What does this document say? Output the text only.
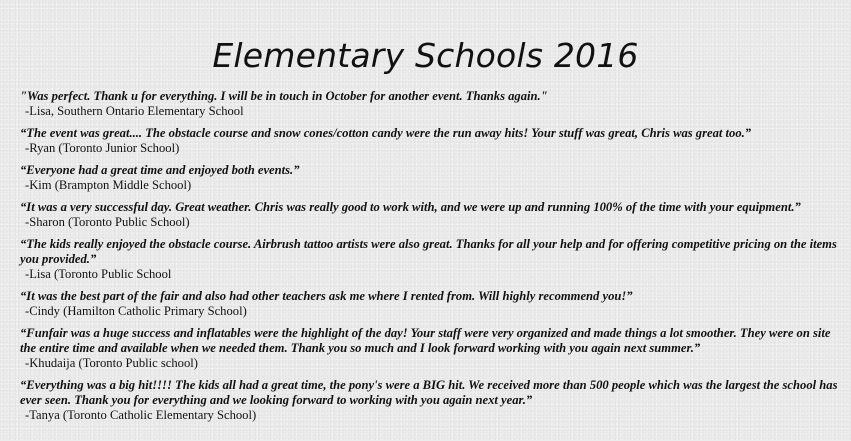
Elementary Schools 2016

"Was perfect. Thank u for everything. I will be in touch in October for another event. Thanks again."

-Lisa, Southern Ontario Elementary School

“The event was great.... The obstacle course and snow cones/cotton candy were the run away hits! Your stuff was great, Chris was great too.”

-Ryan (Toronto Junior School)

“Everyone had a great time and enjoyed both events.”

-Kim (Brampton Middle School)

“It was a very successful day. Great weather. Chris was really good to work with, and we were up and running 100% of the time with your equipment.”

-Sharon (Toronto Public School)

“The kids really enjoyed the obstacle course. Airbrush tattoo artists were also great. Thanks for all your help and for offering competitive pricing on the items you provided.”

-Lisa (Toronto Public School

“It was the best part of the fair and also had other teachers ask me where I rented from. Will highly recommend you!”

-Cindy (Hamilton Catholic Primary School)

“Funfair was a huge success and inflatables were the highlight of the day! Your staff were very organized and made things a lot smoother. They were on site the entire time and available when we needed them. Thank you so much and I look forward working with you again next summer.”

-Khudaija (Toronto Public school)

“Everything was a big hit!!!! The kids all had a great time, the pony's were a BIG hit. We received more than 500 people which was the largest the school has ever seen. Thank you for everything and we looking forward to working with you again next year.”

-Tanya (Toronto Catholic Elementary School)
